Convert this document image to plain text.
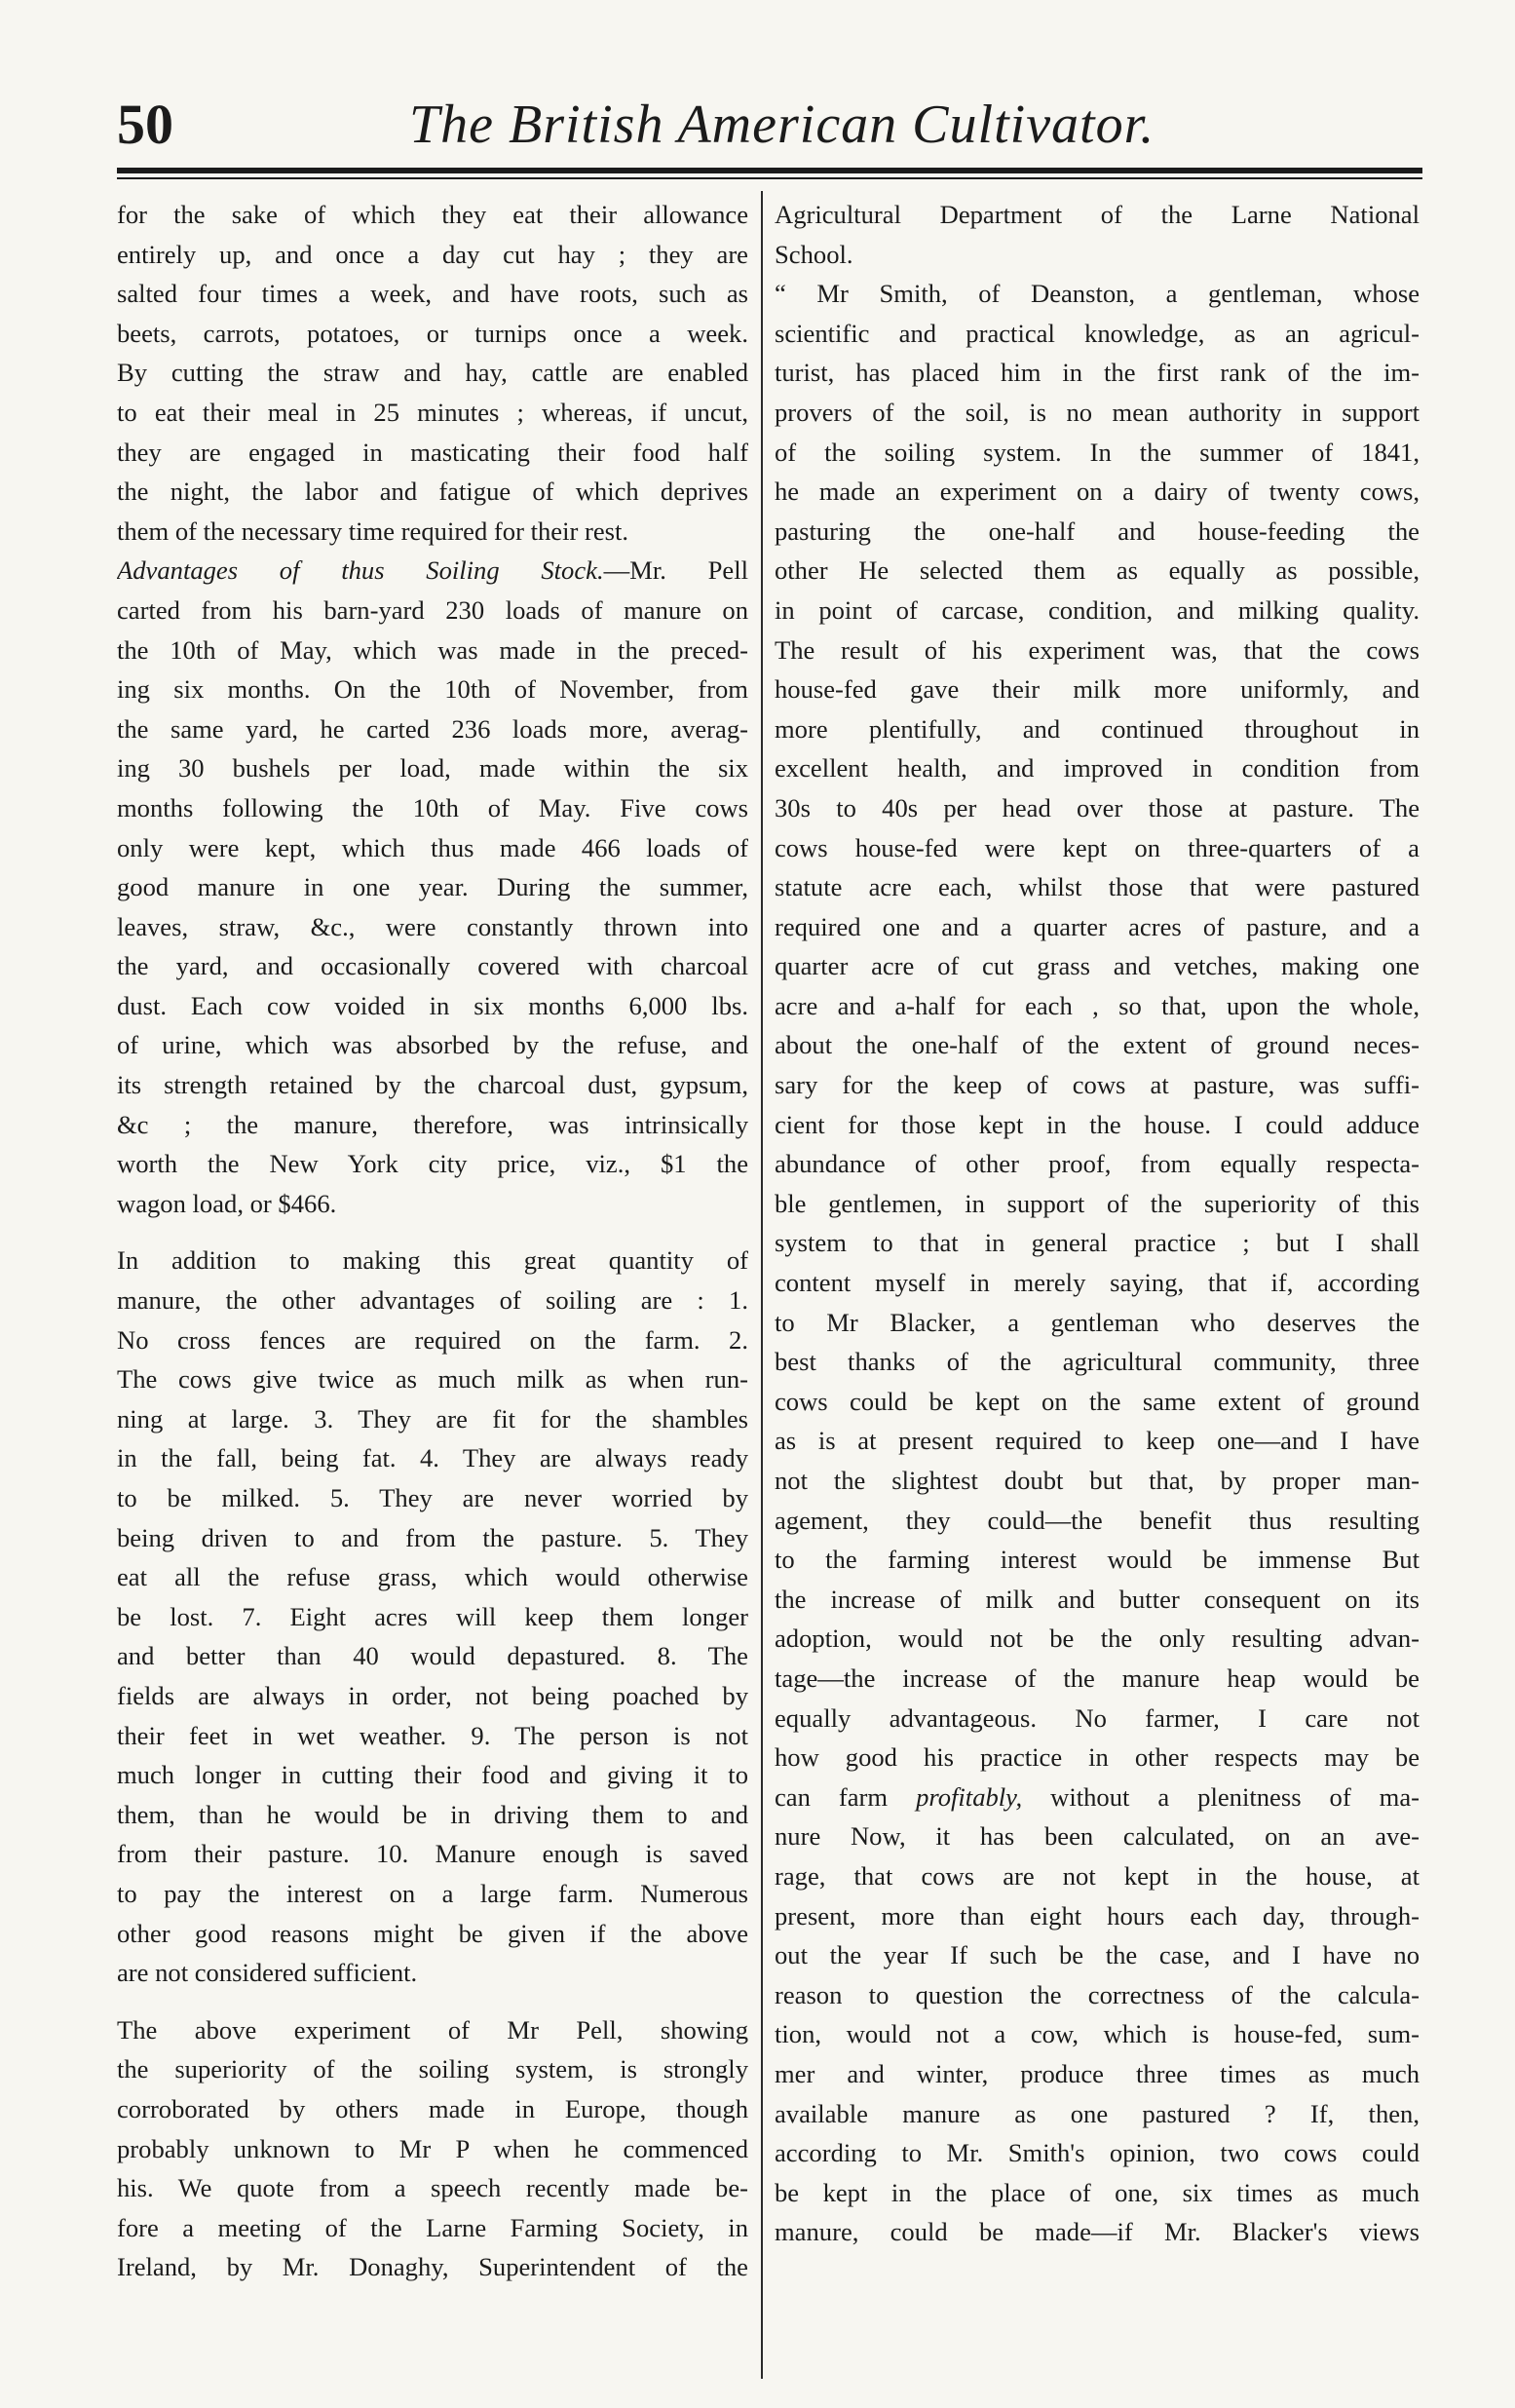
50	The British American Cultivator.
for the sake of which they eat their allowance
entirely up, and once a day cut hay ; they are
salted four times a week, and have roots, such as
beets, carrots, potatoes, or turnips once a week.
By cutting the straw and hay, cattle are enabled
to eat their meal in 25 minutes ; whereas, if uncut,
they are engaged in masticating their food half
the night, the labor and fatigue of which deprives
them of the necessary time required for their rest.
Advantages of thus Soiling Stock.—Mr. Pell
carted from his barn-yard 230 loads of manure on
the 10th of May, which was made in the preced-
ing six months. On the 10th of November, from
the same yard, he carted 236 loads more, averag-
ing 30 bushels per load, made within the six
months following the 10th of May. Five cows
only were kept, which thus made 466 loads of
good manure in one year. During the summer,
leaves, straw, &c., were constantly thrown into
the yard, and occasionally covered with charcoal
dust. Each cow voided in six months 6,000 lbs.
of urine, which was absorbed by the refuse, and
its strength retained by the charcoal dust, gypsum,
&c ; the manure, therefore, was intrinsically
worth the New York city price, viz., $1 the
wagon load, or $466.
In addition to making this great quantity of
manure, the other advantages of soiling are : 1.
No cross fences are required on the farm. 2.
The cows give twice as much milk as when run-
ning at large. 3. They are fit for the shambles
in the fall, being fat. 4. They are always ready
to be milked. 5. They are never worried by
being driven to and from the pasture. 5. They
eat all the refuse grass, which would otherwise
be lost. 7. Eight acres will keep them longer
and better than 40 would depastured. 8. The
fields are always in order, not being poached by
their feet in wet weather. 9. The person is not
much longer in cutting their food and giving it to
them, than he would be in driving them to and
from their pasture. 10. Manure enough is saved
to pay the interest on a large farm. Numerous
other good reasons might be given if the above
are not considered sufficient.
The above experiment of Mr Pell, showing
the superiority of the soiling system, is strongly
corroborated by others made in Europe, though
probably unknown to Mr P when he commenced
his. We quote from a speech recently made be-
fore a meeting of the Larne Farming Society, in
Ireland, by Mr. Donaghy, Superintendent of the
Agricultural Department of the Larne National
School.
“ Mr Smith, of Deanston, a gentleman, whose
scientific and practical knowledge, as an agricul-
turist, has placed him in the first rank of the im-
provers of the soil, is no mean authority in support
of the soiling system. In the summer of 1841,
he made an experiment on a dairy of twenty cows,
pasturing the one-half and house-feeding the
other He selected them as equally as possible,
in point of carcase, condition, and milking quality.
The result of his experiment was, that the cows
house-fed gave their milk more uniformly, and
more plentifully, and continued throughout in
excellent health, and improved in condition from
30s to 40s per head over those at pasture. The
cows house-fed were kept on three-quarters of a
statute acre each, whilst those that were pastured
required one and a quarter acres of pasture, and a
quarter acre of cut grass and vetches, making one
acre and a-half for each , so that, upon the whole,
about the one-half of the extent of ground neces-
sary for the keep of cows at pasture, was suffi-
cient for those kept in the house. I could adduce
abundance of other proof, from equally respecta-
ble gentlemen, in support of the superiority of this
system to that in general practice ; but I shall
content myself in merely saying, that if, according
to Mr Blacker, a gentleman who deserves the
best thanks of the agricultural community, three
cows could be kept on the same extent of ground
as is at present required to keep one—and I have
not the slightest doubt but that, by proper man-
agement, they could—the benefit thus resulting
to the farming interest would be immense But
the increase of milk and butter consequent on its
adoption, would not be the only resulting advan-
tage—the increase of the manure heap would be
equally advantageous. No farmer, I care not
how good his practice in other respects may be
can farm profitably, without a plenitness of ma-
nure Now, it has been calculated, on an ave-
rage, that cows are not kept in the house, at
present, more than eight hours each day, through-
out the year If such be the case, and I have no
reason to question the correctness of the calcula-
tion, would not a cow, which is house-fed, sum-
mer and winter, produce three times as much
available manure as one pastured ? If, then,
according to Mr. Smith's opinion, two cows could
be kept in the place of one, six times as much
manure, could be made—if Mr. Blacker's views
